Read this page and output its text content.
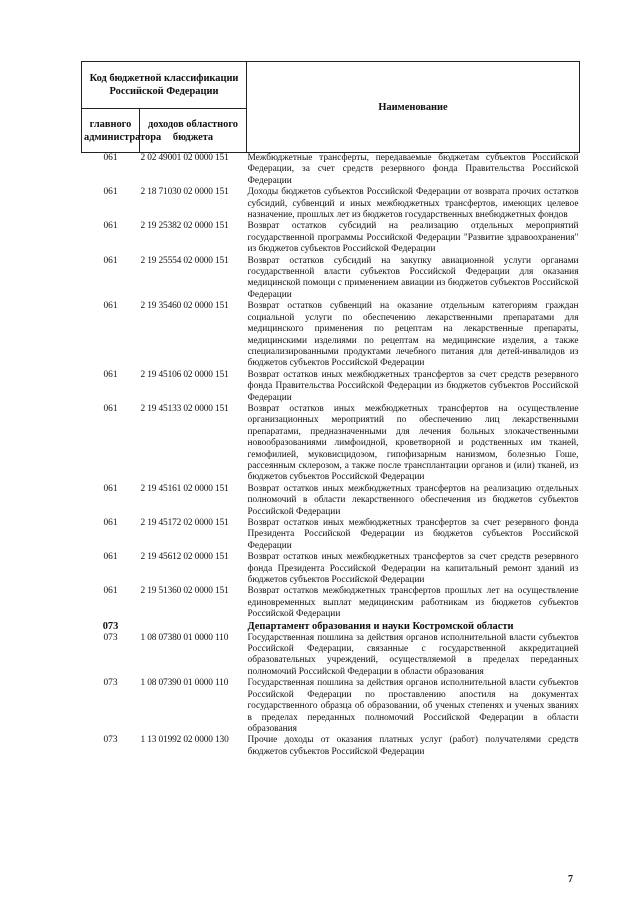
Код бюджетной классификации Российской Федерации		Наименование
главного администратора	доходов областного бюджета	
061	2 02 49001 02 0000 151	Межбюджетные трансферты, передаваемые бюджетам субъектов Российской Федерации, за счет средств резервного фонда Правительства Российской Федерации
061	2 18 71030 02 0000 151	Доходы бюджетов субъектов Российской Федерации от возврата прочих остатков субсидий, субвенций и иных межбюджетных трансфертов, имеющих целевое назначение, прошлых лет из бюджетов государственных внебюджетных фондов
061	2 19 25382 02 0000 151	Возврат остатков субсидий на реализацию отдельных мероприятий государственной программы Российской Федерации "Развитие здравоохранения" из бюджетов субъектов Российской Федерации
061	2 19 25554 02 0000 151	Возврат остатков субсидий на закупку авиационной услуги органами государственной власти субъектов Российской Федерации для оказания медицинской помощи с применением авиации из бюджетов субъектов Российской Федерации
061	2 19 35460 02 0000 151	Возврат остатков субвенций на оказание отдельным категориям граждан социальной услуги по обеспечению лекарственными препаратами для медицинского применения по рецептам на лекарственные препараты, медицинскими изделиями по рецептам на медицинские изделия, а также специализированными продуктами лечебного питания для детей-инвалидов из бюджетов субъектов Российской Федерации
061	2 19 45106 02 0000 151	Возврат остатков иных межбюджетных трансфертов за счет средств резервного фонда Правительства Российской Федерации из бюджетов субъектов Российской Федерации
061	2 19 45133 02 0000 151	Возврат остатков иных межбюджетных трансфертов на осуществление организационных мероприятий по обеспечению лиц лекарственными препаратами, предназначенными для лечения больных злокачественными новообразованиями лимфоидной, кроветворной и родственных им тканей, гемофилией, муковисцидозом, гипофизарным нанизмом, болезнью Гоше, рассеянным склерозом, а также после трансплантации органов и (или) тканей, из бюджетов субъектов Российской Федерации
061	2 19 45161 02 0000 151	Возврат остатков иных межбюджетных трансфертов на реализацию отдельных полномочий в области лекарственного обеспечения из бюджетов субъектов Российской Федерации
061	2 19 45172 02 0000 151	Возврат остатков иных межбюджетных трансфертов за счет резервного фонда Президента Российской Федерации из бюджетов субъектов Российской Федерации
061	2 19 45612 02 0000 151	Возврат остатков иных межбюджетных трансфертов за счет средств резервного фонда Президента Российской Федерации на капитальный ремонт зданий из бюджетов субъектов Российской Федерации
061	2 19 51360 02 0000 151	Возврат остатков межбюджетных трансфертов прошлых лет на осуществление единовременных выплат медицинским работникам из бюджетов субъектов Российской Федерации
073		Департамент образования и науки Костромской области
073	1 08 07380 01 0000 110	Государственная пошлина за действия органов исполнительной власти субъектов Российской Федерации, связанные с государственной аккредитацией образовательных учреждений, осуществляемой в пределах переданных полномочий Российской Федерации в области образования
073	1 08 07390 01 0000 110	Государственная пошлина за действия органов исполнительной власти субъектов Российской Федерации по проставлению апостиля на документах государственного образца об образовании, об ученых степенях и ученых званиях в пределах переданных полномочий Российской Федерации в области образования
073	1 13 01992 02 0000 130	Прочие доходы от оказания платных услуг (работ) получателями средств бюджетов субъектов Российской Федерации
7
